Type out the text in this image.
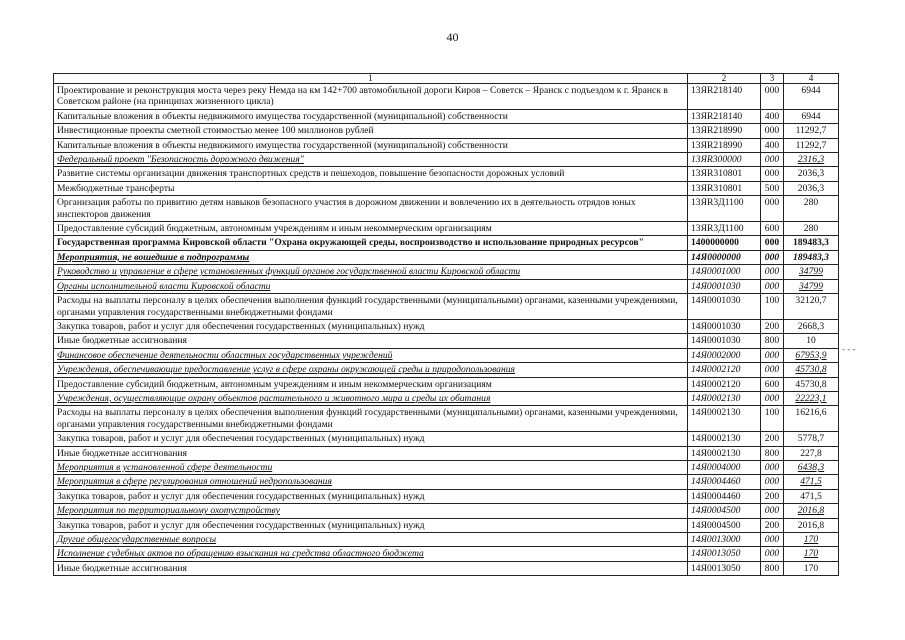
40
1	2	3	4
Проектирование и реконструкция моста через реку Немда на км 142+700 автомобильной дороги Киров – Советск – Яранск с подъездом к г. Яранск в Советском районе (на принципах жизненного цикла)	13ЯR218140	000	6944
Капитальные вложения в объекты недвижимого имущества государственной (муниципальной) собственности	13ЯR218140	400	6944
Инвестиционные проекты сметной стоимостью менее 100 миллионов рублей	13ЯR218990	000	11292,7
Капитальные вложения в объекты недвижимого имущества государственной (муниципальной) собственности	13ЯR218990	400	11292,7
Федеральный проект "Безопасность дорожного движения"	13ЯR300000	000	2316,3
Развитие системы организации движения транспортных средств и пешеходов, повышение безопасности дорожных условий	13ЯR310801	000	2036,3
Межбюджетные трансферты	13ЯR310801	500	2036,3
Организация работы по привитию детям навыков безопасного участия в дорожном движении и вовлечению их в деятельность отрядов юных инспекторов движения	13ЯR3Д1100	000	280
Предоставление субсидий бюджетным, автономным учреждениям и иным некоммерческим организациям	13ЯR3Д1100	600	280
Государственная программа Кировской области "Охрана окружающей среды, воспроизводство и использование природных ресурсов"	1400000000	000	189483,3
Мероприятия, не вошедшие в подпрограммы	14Я0000000	000	189483,3
Руководство и управление в сфере установленных функций органов государственной власти Кировской области	14Я0001000	000	34799
Органы исполнительной власти Кировской области	14Я0001030	000	34799
Расходы на выплаты персоналу в целях обеспечения выполнения функций государственными (муниципальными) органами, казенными учреждениями, органами управления государственными внебюджетными фондами	14Я0001030	100	32120,7
Закупка товаров, работ и услуг для обеспечения государственных (муниципальных) нужд	14Я0001030	200	2668,3
Иные бюджетные ассигнования	14Я0001030	800	10
Финансовое обеспечение деятельности областных государственных учреждений	14Я0002000	000	67953,9
Учреждения, обеспечивающие предоставление услуг в сфере охраны окружающей среды и природопользования	14Я0002120	000	45730,8
Предоставление субсидий бюджетным, автономным учреждениям и иным некоммерческим организациям	14Я0002120	600	45730,8
Учреждения, осуществляющие охрану объектов растительного и животного мира и среды их обитания	14Я0002130	000	22223,1
Расходы на выплаты персоналу в целях обеспечения выполнения функций государственными (муниципальными) органами, казенными учреждениями, органами управления государственными внебюджетными фондами	14Я0002130	100	16216,6
Закупка товаров, работ и услуг для обеспечения государственных (муниципальных) нужд	14Я0002130	200	5778,7
Иные бюджетные ассигнования	14Я0002130	800	227,8
Мероприятия в установленной сфере деятельности	14Я0004000	000	6438,3
Мероприятия в сфере регулирования отношений недропользования	14Я0004460	000	471,5
Закупка товаров, работ и услуг для обеспечения государственных (муниципальных) нужд	14Я0004460	200	471,5
Мероприятия по территориальному охотустройству	14Я0004500	000	2016,8
Закупка товаров, работ и услуг для обеспечения государственных (муниципальных) нужд	14Я0004500	200	2016,8
Другие общегосударственные вопросы	14Я0013000	000	170
Исполнение судебных актов по обращению взыскания на средства областного бюджета	14Я0013050	000	170
Иные бюджетные ассигнования	14Я0013050	800	170
- - -
